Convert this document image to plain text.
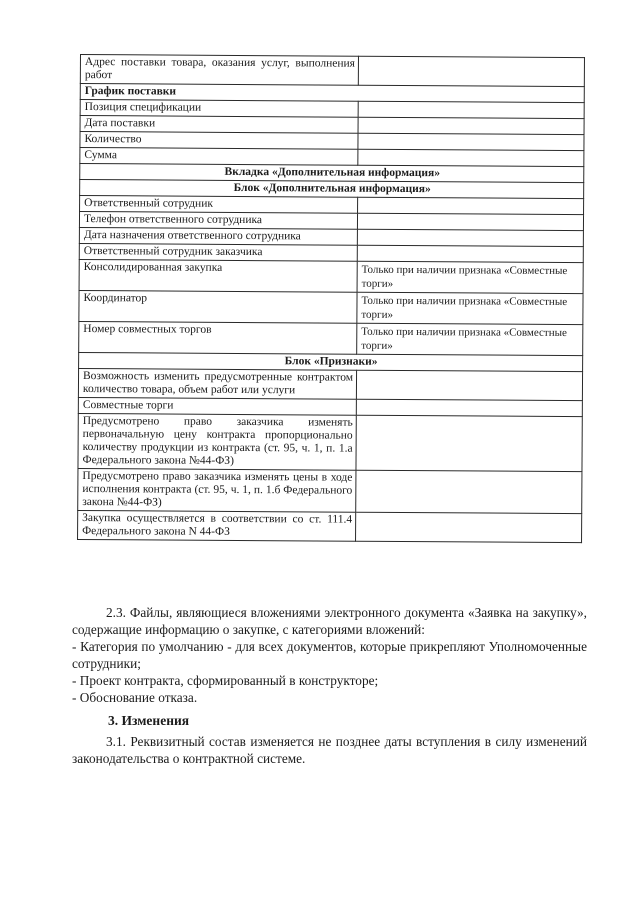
Адрес поставки товара, оказания услуг, выполнения работ	
График поставки	
Позиция спецификации	
Дата поставки	
Количество	
Сумма	
Вкладка «Дополнительная информация»	
Блок «Дополнительная информация»	
Ответственный сотрудник	
Телефон ответственного сотрудника	
Дата назначения ответственного сотрудника	
Ответственный сотрудник заказчика	
Консолидированная закупка	Только при наличии признака «Совместные торги»
Координатор	Только при наличии признака «Совместные торги»
Номер совместных торгов	Только при наличии признака «Совместные торги»
Блок «Признаки»	
Возможность изменить предусмотренные контрактом количество товара, объем работ или услуги	
Совместные торги	
Предусмотрено право заказчика изменять первоначальную цену контракта пропорционально количеству продукции из контракта (ст. 95, ч. 1, п. 1.а Федерального закона №44-ФЗ)	
Предусмотрено право заказчика изменять цены в ходе исполнения контракта (ст. 95, ч. 1, п. 1.б Федерального закона №44-ФЗ)	
Закупка осуществляется в соответствии со ст. 111.4 Федерального закона N 44-ФЗ	

2.3. Файлы, являющиеся вложениями электронного документа «Заявка на закупку», содержащие информацию о закупке, с категориями вложений:

- Категория по умолчанию - для всех документов, которые прикрепляют Уполномоченные сотрудники;

- Проект контракта, сформированный в конструкторе;

- Обоснование отказа.

3. Изменения

3.1. Реквизитный состав изменяется не позднее даты вступления в силу изменений законодательства о контрактной системе.
